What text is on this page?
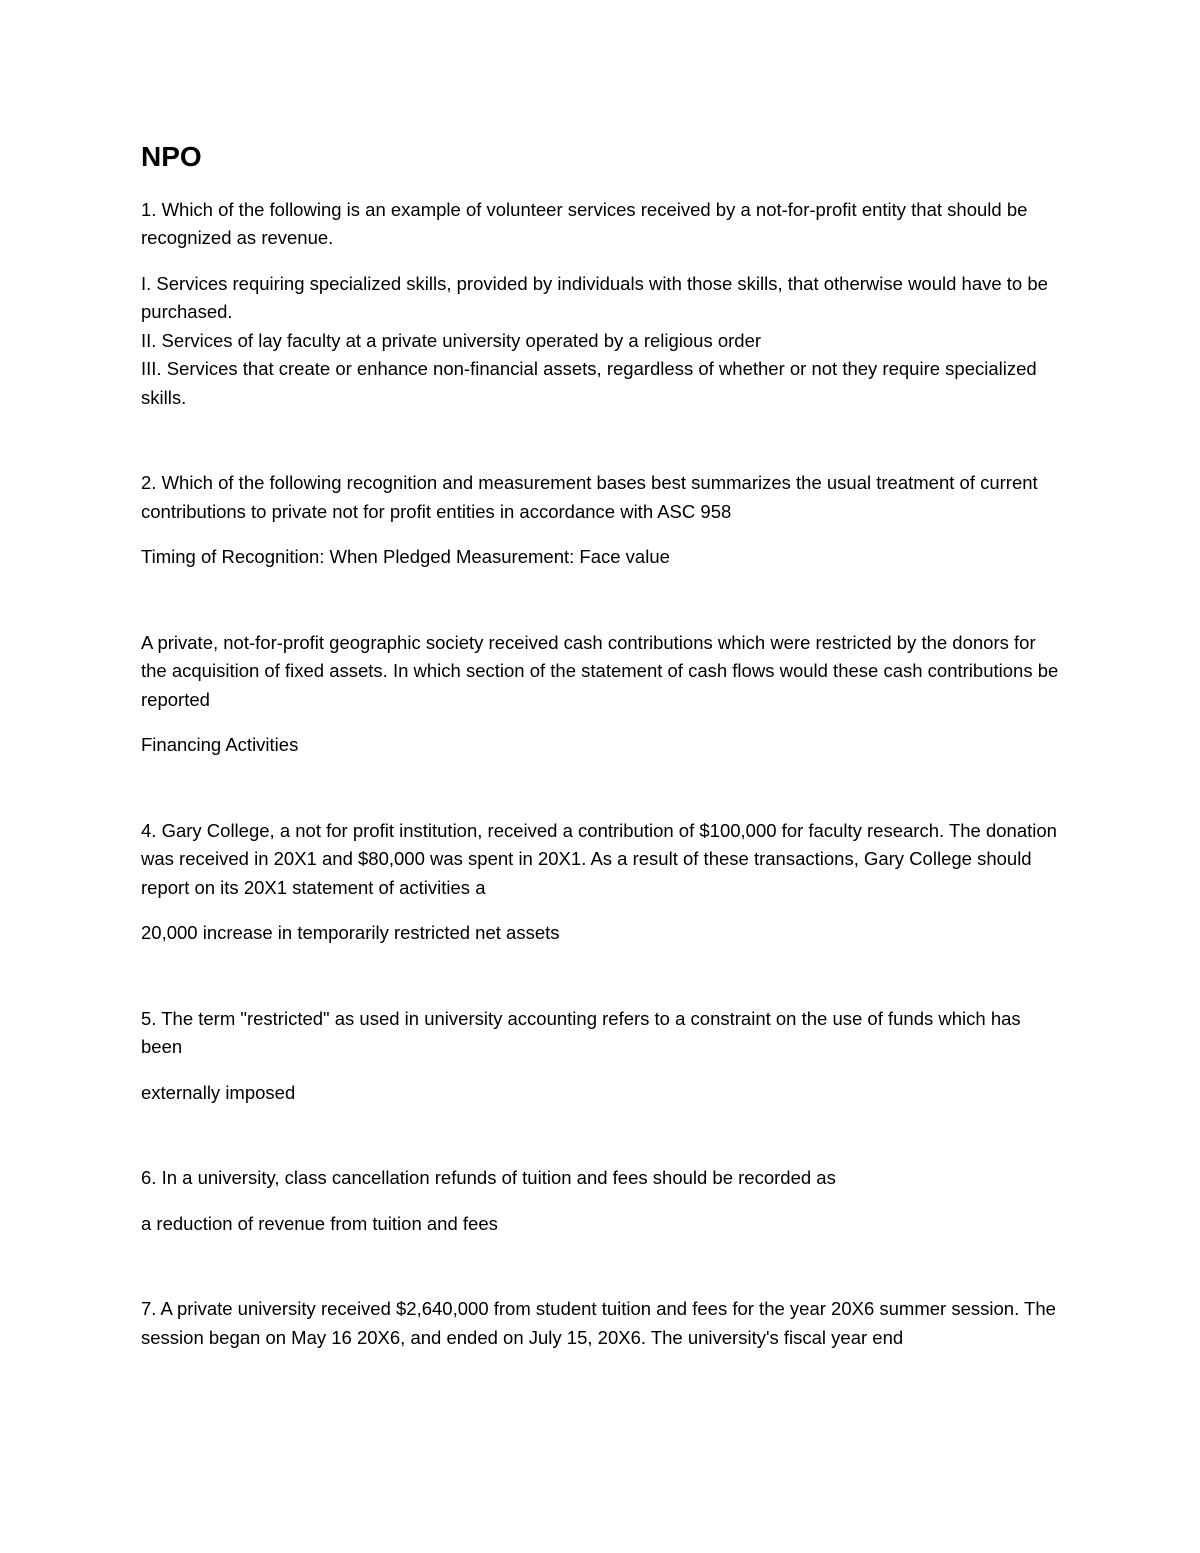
NPO
1. Which of the following is an example of volunteer services received by a not-for-profit entity that should be recognized as revenue.
I. Services requiring specialized skills, provided by individuals with those skills, that otherwise would have to be purchased.
II. Services of lay faculty at a private university operated by a religious order
III. Services that create or enhance non-financial assets, regardless of whether or not they require specialized skills.
2. Which of the following recognition and measurement bases best summarizes the usual treatment of current contributions to private not for profit entities in accordance with ASC 958
Timing of Recognition: When Pledged Measurement: Face value
A private, not-for-profit geographic society received cash contributions which were restricted by the donors for the acquisition of fixed assets. In which section of the statement of cash flows would these cash contributions be reported
Financing Activities
4. Gary College, a not for profit institution, received a contribution of $100,000 for faculty research. The donation was received in 20X1 and $80,000 was spent in 20X1. As a result of these transactions, Gary College should report on its 20X1 statement of activities a
20,000 increase in temporarily restricted net assets
5. The term "restricted" as used in university accounting refers to a constraint on the use of funds which has been
externally imposed
6. In a university, class cancellation refunds of tuition and fees should be recorded as
a reduction of revenue from tuition and fees
7. A private university received $2,640,000 from student tuition and fees for the year 20X6 summer session. The session began on May 16 20X6, and ended on July 15, 20X6. The university's fiscal year end
